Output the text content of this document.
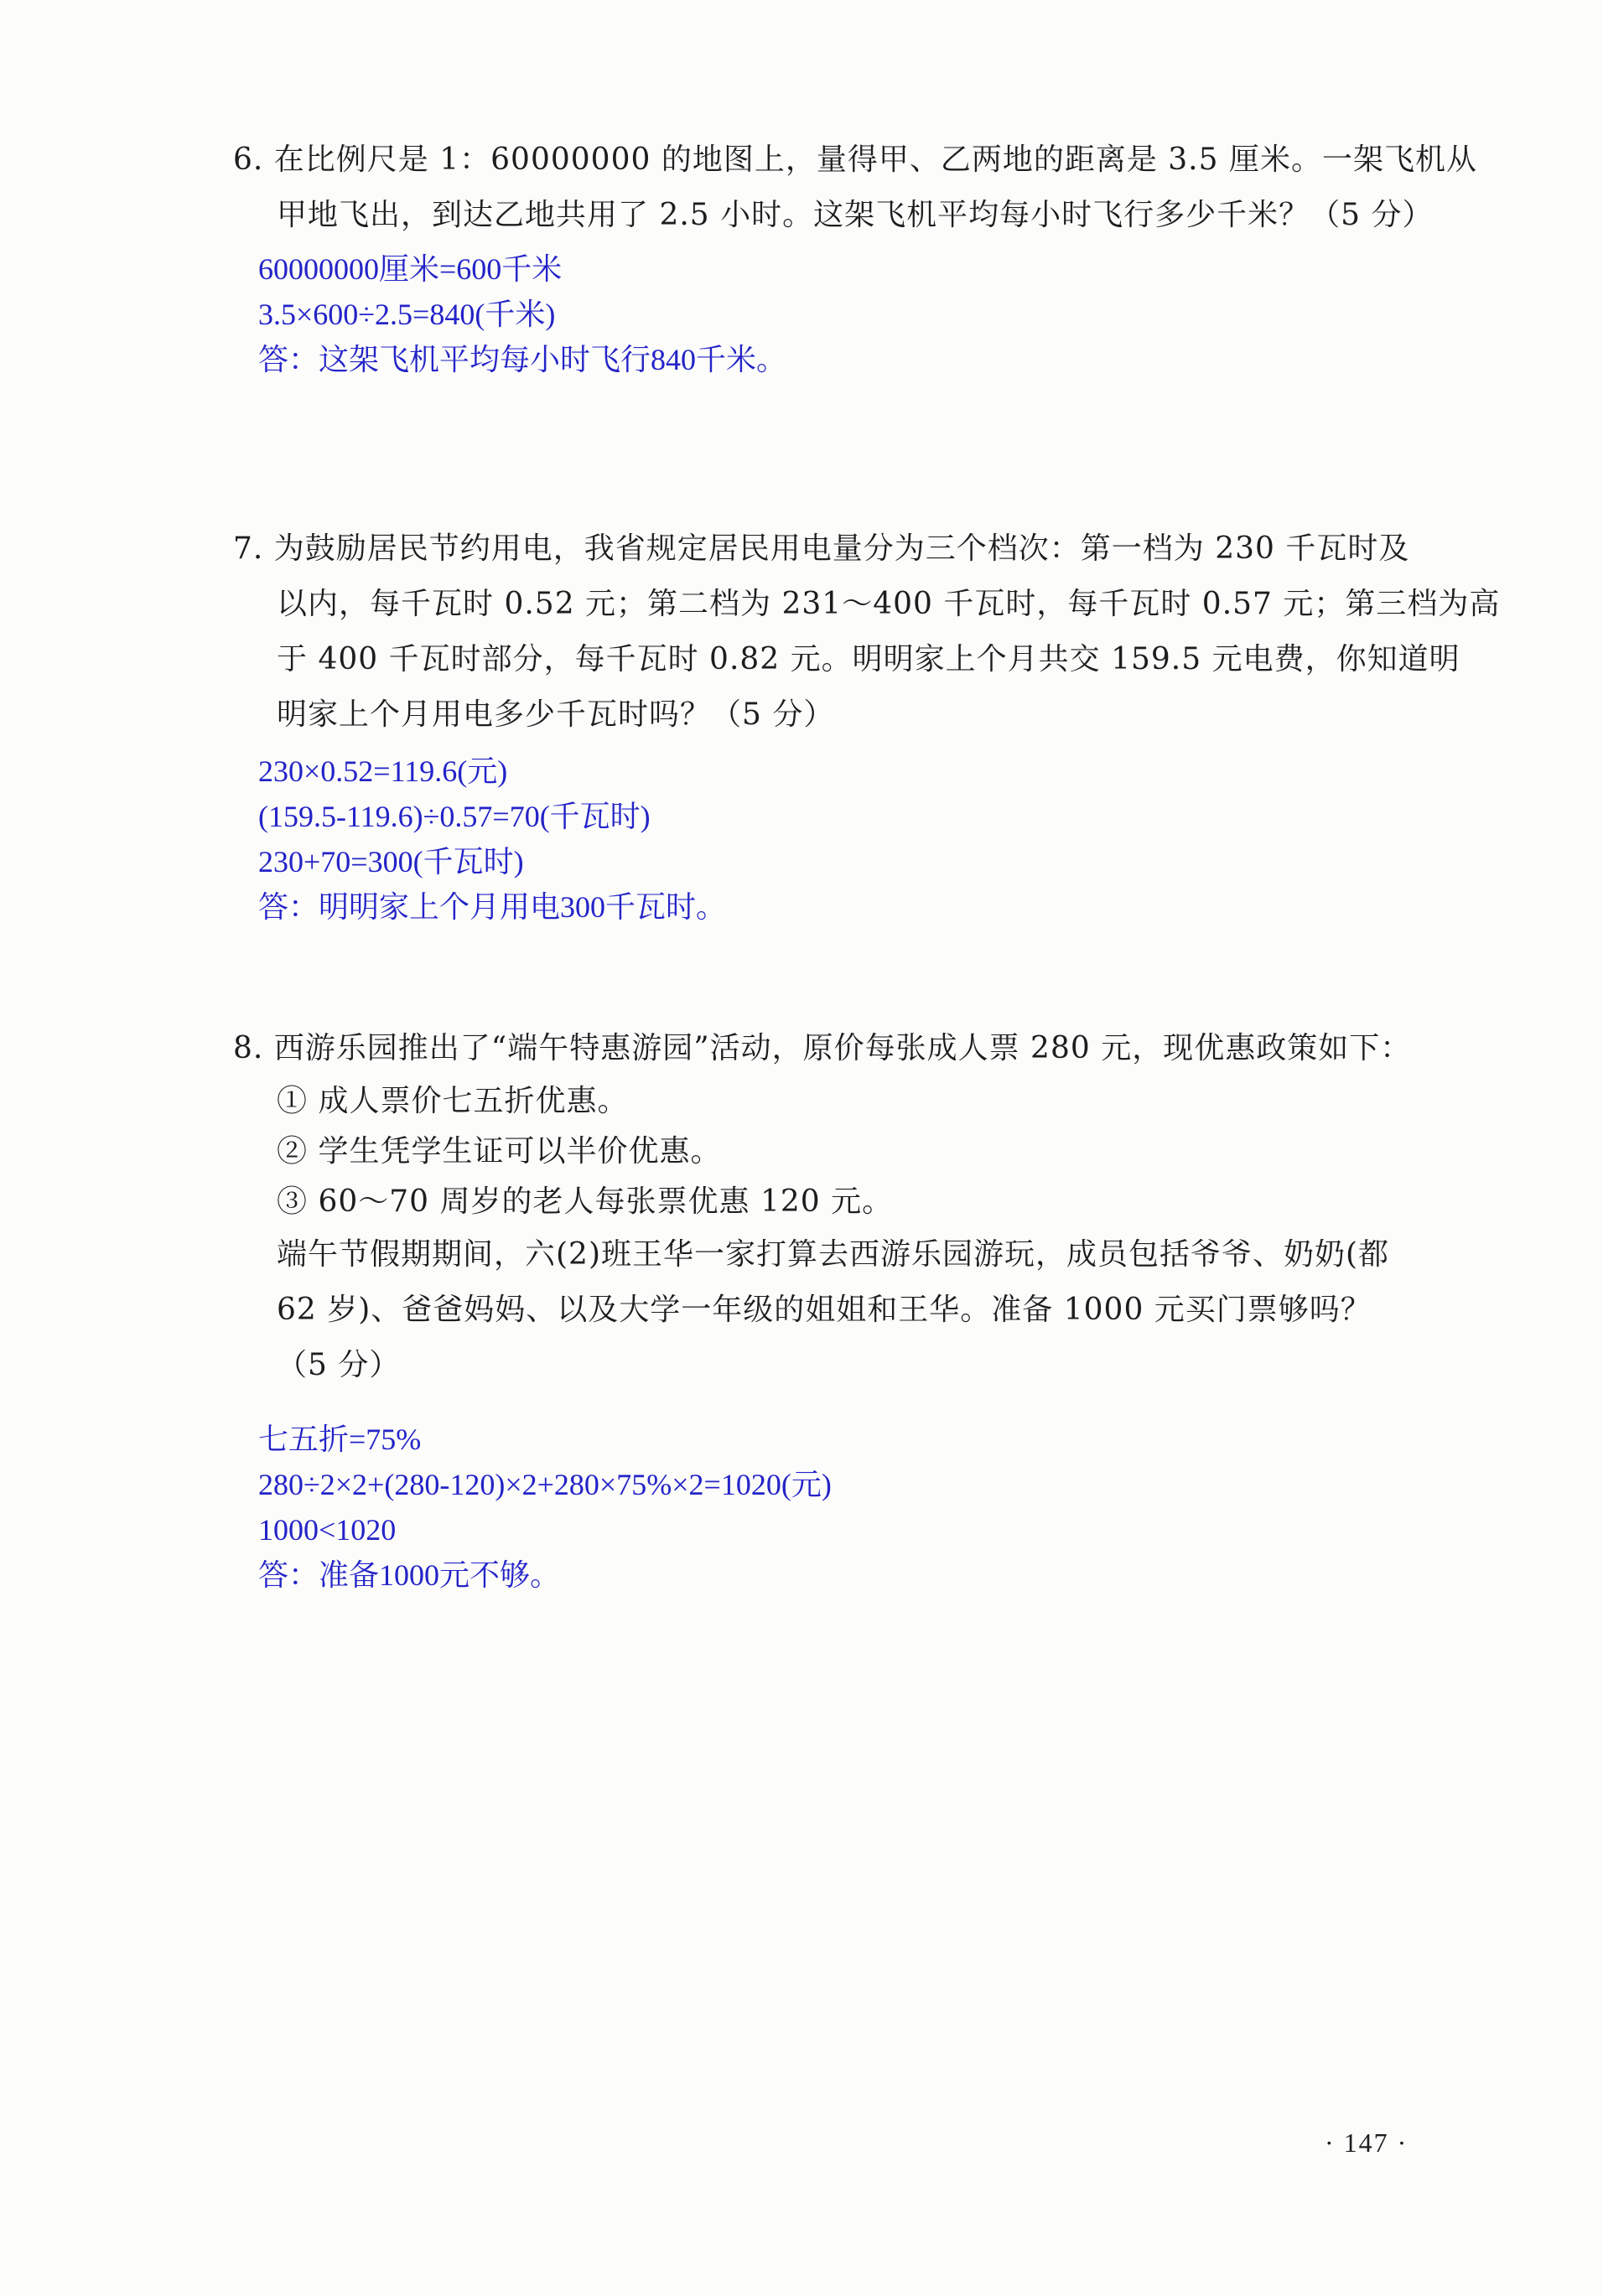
6. 在比例尺是 1：60000000 的地图上，量得甲、乙两地的距离是 3.5 厘米。一架飞机从
甲地飞出，到达乙地共用了 2.5 小时。这架飞机平均每小时飞行多少千米？（5 分）
60000000厘米=600千米
3.5×600÷2.5=840(千米)
答：这架飞机平均每小时飞行840千米。
7. 为鼓励居民节约用电，我省规定居民用电量分为三个档次：第一档为 230 千瓦时及
以内，每千瓦时 0.52 元；第二档为 231～400 千瓦时，每千瓦时 0.57 元；第三档为高
于 400 千瓦时部分，每千瓦时 0.82 元。明明家上个月共交 159.5 元电费，你知道明
明家上个月用电多少千瓦时吗？（5 分）
230×0.52=119.6(元)
(159.5-119.6)÷0.57=70(千瓦时)
230+70=300(千瓦时)
答：明明家上个月用电300千瓦时。
8. 西游乐园推出了“端午特惠游园”活动，原价每张成人票 280 元，现优惠政策如下：
① 成人票价七五折优惠。
② 学生凭学生证可以半价优惠。
③ 60～70 周岁的老人每张票优惠 120 元。
端午节假期期间，六(2)班王华一家打算去西游乐园游玩，成员包括爷爷、奶奶(都
62 岁)、爸爸妈妈、以及大学一年级的姐姐和王华。准备 1000 元买门票够吗？
（5 分）
七五折=75%
280÷2×2+(280-120)×2+280×75%×2=1020(元)
1000<1020
答：准备1000元不够。
· 147 ·
